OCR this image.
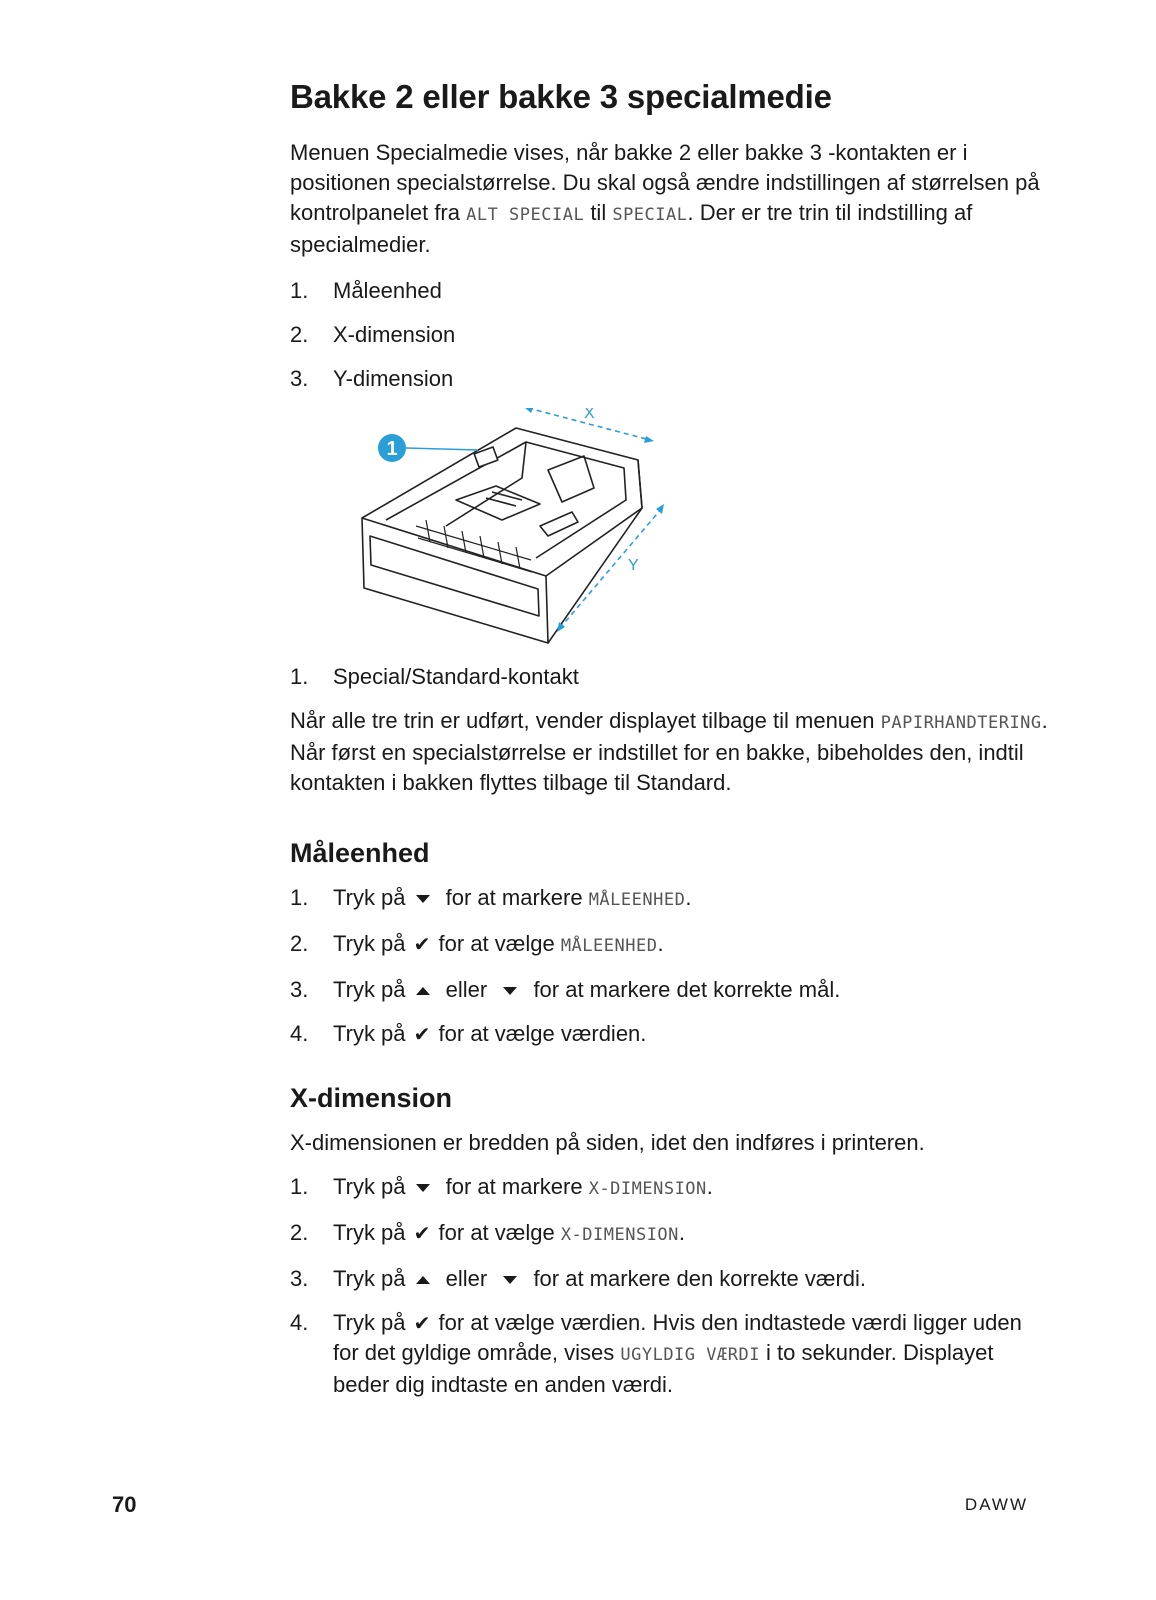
Bakke 2 eller bakke 3 specialmedie

Menuen Specialmedie vises, når bakke 2 eller bakke 3 -kontakten er i positionen specialstørrelse. Du skal også ændre indstillingen af størrelsen på kontrolpanelet fra ALT SPECIAL til SPECIAL. Der er tre trin til indstilling af specialmedier.

1. Måleenhed
2. X-dimension
3. Y-dimension
1
X
Y
1. Special/Standard-kontakt

Når alle tre trin er udført, vender displayet tilbage til menuen PAPIRHANDTERING. Når først en specialstørrelse er indstillet for en bakke, bibeholdes den, indtil kontakten i bakken flyttes tilbage til Standard.

Måleenhed
1. Tryk på for at markere MÅLEENHED.
2. Tryk på ✔ for at vælge MÅLEENHED.
3. Tryk på eller  for at markere det korrekte mål.
4. Tryk på ✔ for at vælge værdien.
X-dimension

X-dimensionen er bredden på siden, idet den indføres i printeren.

1. Tryk på for at markere X-DIMENSION.
2. Tryk på ✔ for at vælge X-DIMENSION.
3. Tryk på eller  for at markere den korrekte værdi.
4. Tryk på ✔ for at vælge værdien. Hvis den indtastede værdi ligger uden for det gyldige område, vises UGYLDIG VÆRDI i to sekunder. Displayet beder dig indtaste en anden værdi.
70	DAWW
